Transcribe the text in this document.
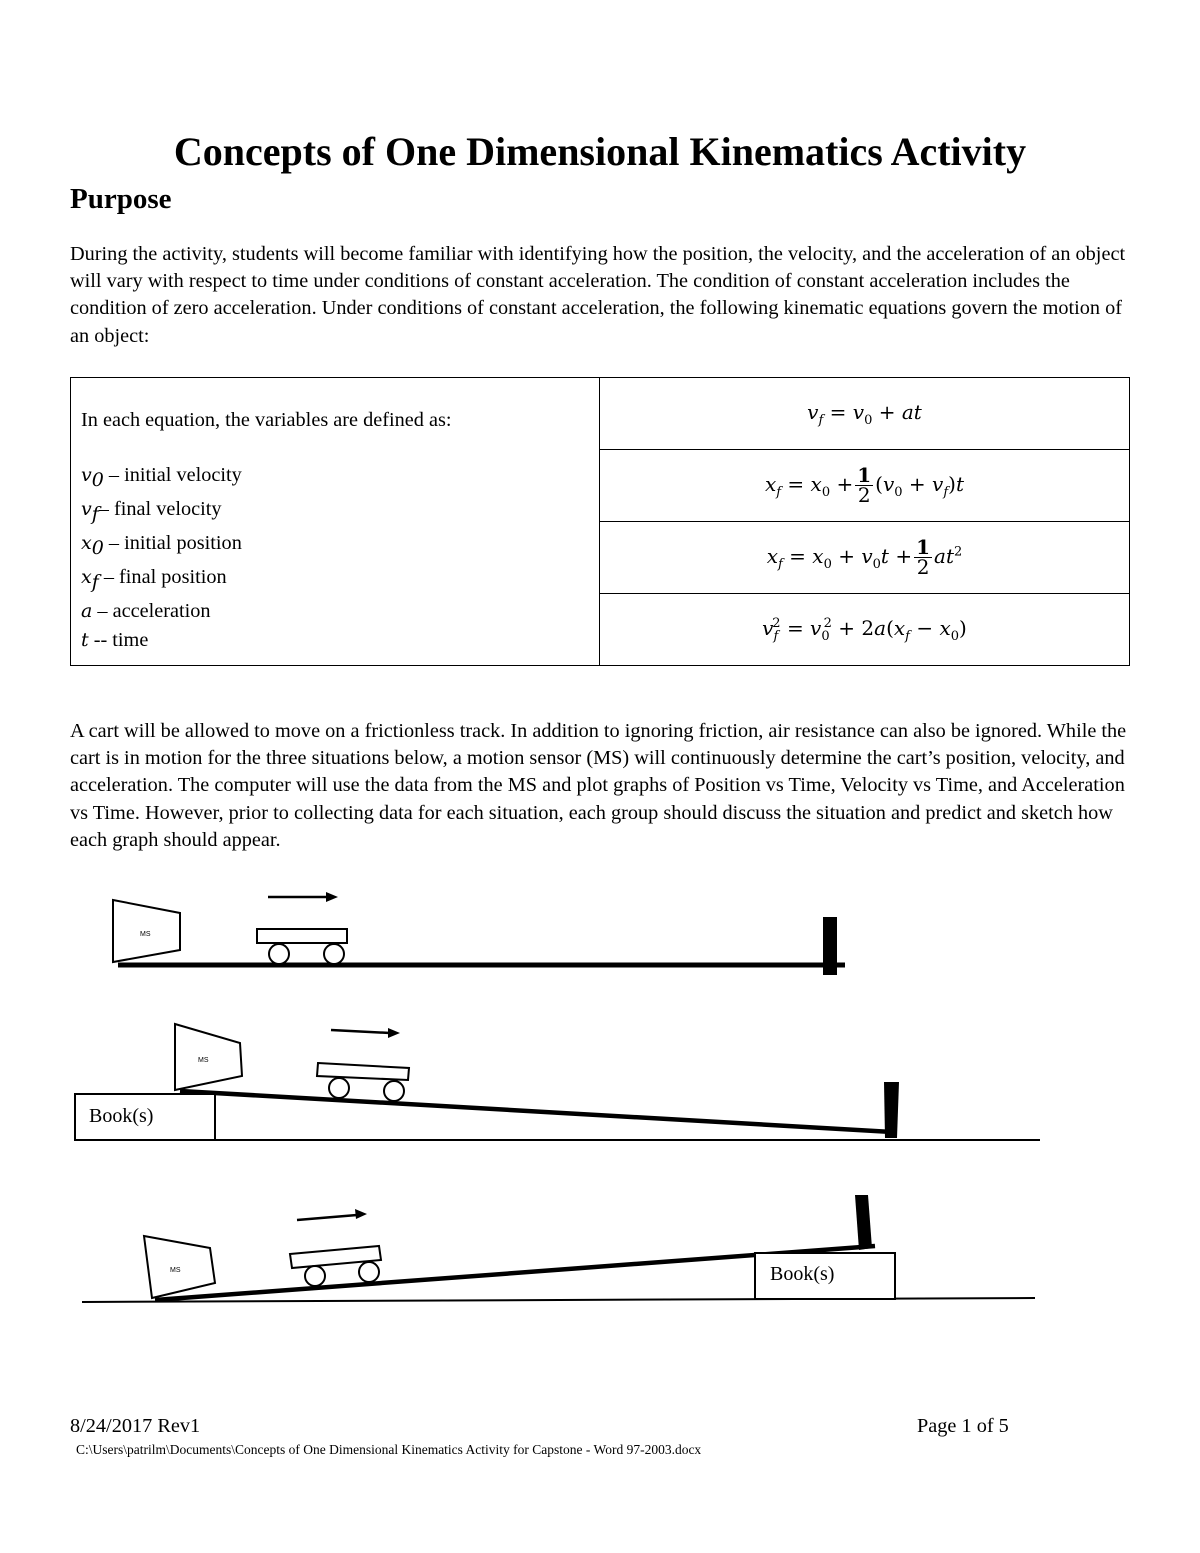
Concepts of One Dimensional Kinematics Activity
Purpose

During the activity, students will become familiar with identifying how the position, the velocity, and the acceleration of an object will vary with respect to time under conditions of constant acceleration. The condition of constant acceleration includes the condition of zero acceleration. Under conditions of constant acceleration, the following kinematic equations govern the motion of an object:

In each equation, the variables are defined as:
$v_0$ – initial velocity
$v_f-$ final velocity
$x_0$ – initial position
$x_f$ – final position
a – acceleration
t -- time
	$v_f = v_0$ + at
$x_f = x_0 + \frac{1}{2} (v_0 + v_f)t$
$x_f = x_0 + v_0t + \frac{1}{2} at^2$
$v_f^2 = v_0^2 + 2a(x_f - x_0)$

A cart will be allowed to move on a frictionless track. In addition to ignoring friction, air resistance can also be ignored. While the cart is in motion for the three situations below, a motion sensor (MS) will continuously determine the cart’s position, velocity, and acceleration. The computer will use the data from the MS and plot graphs of Position vs Time, Velocity vs Time, and Acceleration vs Time. However, prior to collecting data for each situation, each group should discuss the situation and predict and sketch how each graph should appear.

MS
Book(s)
MS
Book(s)
MS

8/24/2017 Rev1	Page 1 of 5

C:\Users\patrilm\Documents\Concepts of One Dimensional Kinematics Activity for Capstone - Word 97-2003.docx
